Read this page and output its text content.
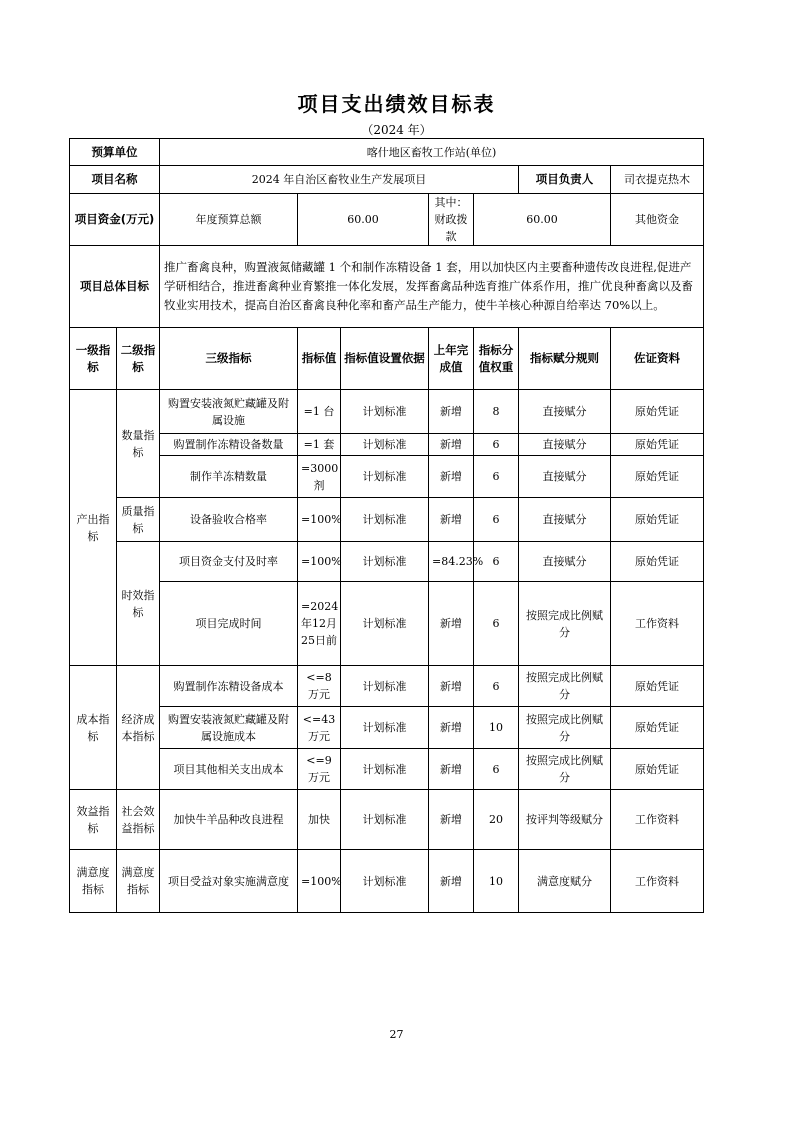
项目支出绩效目标表
（2024 年）
预算单位		喀什地区畜牧工作站(单位)						
项目名称		2024 年自治区畜牧业生产发展项目					项目负责人	司衣提克热木
项目资金(万元)		年度预算总额	60.00		其中：财政拨款	60.00		其他资金
项目总体目标		推广畜禽良种，购置液氮储藏罐 1 个和制作冻精设备 1 套，用以加快区内主要畜种遗传改良进程,促进产学研相结合，推进畜禽种业育繁推一体化发展，发挥畜禽品种选育推广体系作用，推广优良种畜禽以及畜牧业实用技术，提高自治区畜禽良种化率和畜产品生产能力，使牛羊核心种源自给率达 70%以上。						
一级指标	二级指标	三级指标	指标值	指标值设置依据	上年完成值	指标分值权重	指标赋分规则	佐证资料
产出指标	数量指标	购置安装液氮贮藏罐及附属设施	=1 台	计划标准	新增	8	直接赋分	原始凭证
		购置制作冻精设备数量	=1 套	计划标准	新增	6	直接赋分	原始凭证
		制作羊冻精数量	=3000剂	计划标准	新增	6	直接赋分	原始凭证
	质量指标	设备验收合格率	=100%	计划标准	新增	6	直接赋分	原始凭证
	时效指标	项目资金支付及时率	=100%	计划标准	=84.23%	6	直接赋分	原始凭证
		项目完成时间	=2024年12月25日前	计划标准	新增	6	按照完成比例赋分	工作资料
成本指标	经济成本指标	购置制作冻精设备成本	<=8万元	计划标准	新增	6	按照完成比例赋分	原始凭证
		购置安装液氮贮藏罐及附属设施成本	<=43万元	计划标准	新增	10	按照完成比例赋分	原始凭证
		项目其他相关支出成本	<=9万元	计划标准	新增	6	按照完成比例赋分	原始凭证
效益指标	社会效益指标	加快牛羊品种改良进程	加快	计划标准	新增	20	按评判等级赋分	工作资料
满意度指标	满意度指标	项目受益对象实施满意度	=100%	计划标准	新增	10	满意度赋分	工作资料
27
